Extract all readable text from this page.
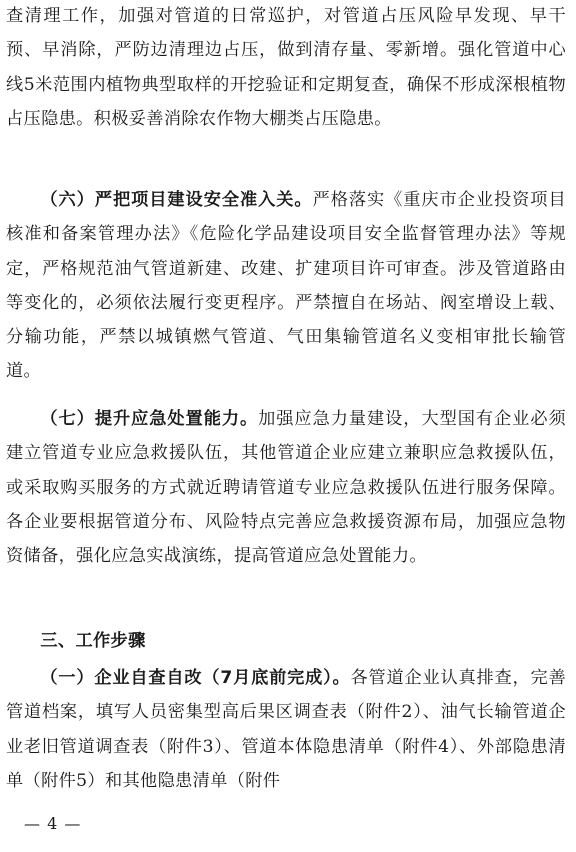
查清理工作，加强对管道的日常巡护，对管道占压风险早发现、早干预、早消除，严防边清理边占压，做到清存量、零新增。强化管道中心线5米范围内植物典型取样的开挖验证和定期复查，确保不形成深根植物占压隐患。积极妥善消除农作物大棚类占压隐患。

（六）严把项目建设安全准入关。严格落实《重庆市企业投资项目核准和备案管理办法》《危险化学品建设项目安全监督管理办法》等规定，严格规范油气管道新建、改建、扩建项目许可审查。涉及管道路由等变化的，必须依法履行变更程序。严禁擅自在场站、阀室增设上载、分输功能，严禁以城镇燃气管道、气田集输管道名义变相审批长输管道。

（七）提升应急处置能力。加强应急力量建设，大型国有企业必须建立管道专业应急救援队伍，其他管道企业应建立兼职应急救援队伍，或采取购买服务的方式就近聘请管道专业应急救援队伍进行服务保障。各企业要根据管道分布、风险特点完善应急救援资源布局，加强应急物资储备，强化应急实战演练，提高管道应急处置能力。

三、工作步骤

（一）企业自查自改（7月底前完成）。各管道企业认真排查，完善管道档案，填写人员密集型高后果区调查表（附件2）、油气长输管道企业老旧管道调查表（附件3）、管道本体隐患清单（附件4）、外部隐患清单（附件5）和其他隐患清单（附件

— 4 —
